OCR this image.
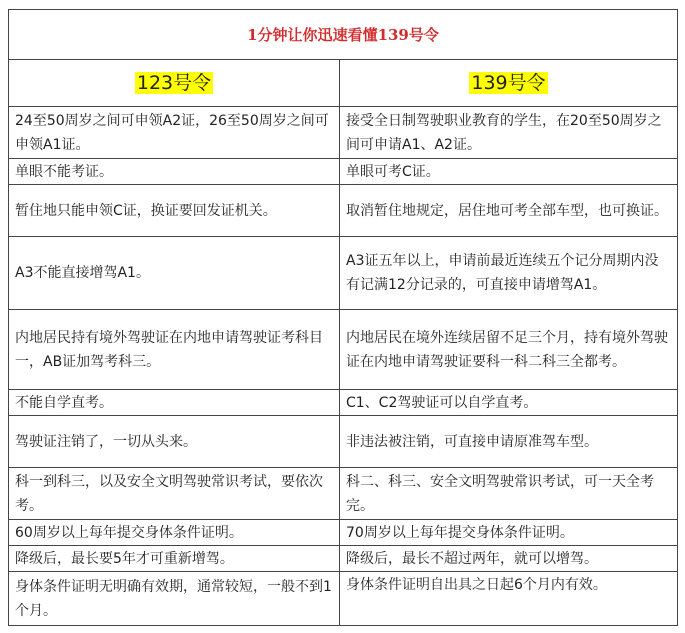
1分钟让你迅速看懂139号令	
123号令	139号令
24至50周岁之间可申领A2证，26至50周岁之间可申领A1证。	接受全日制驾驶职业教育的学生，在20至50周岁之间可申请A1、A2证。
单眼不能考证。	单眼可考C证。
暂住地只能申领C证，换证要回发证机关。	取消暂住地规定，居住地可考全部车型，也可换证。
A3不能直接增驾A1。	A3证五年以上，申请前最近连续五个记分周期内没有记满12分记录的，可直接申请增驾A1。
内地居民持有境外驾驶证在内地申请驾驶证考科目一，AB证加驾考科三。	内地居民在境外连续居留不足三个月，持有境外驾驶证在内地申请驾驶证要科一科二科三全都考。
不能自学直考。	C1、C2驾驶证可以自学直考。
驾驶证注销了，一切从头来。	非违法被注销，可直接申请原准驾车型。
科一到科三，以及安全文明驾驶常识考试，要依次考。	科二、科三、安全文明驾驶常识考试，可一天全考完。
60周岁以上每年提交身体条件证明。	70周岁以上每年提交身体条件证明。
降级后，最长要5年才可重新增驾。	降级后，最长不超过两年，就可以增驾。
身体条件证明无明确有效期，通常较短，一般不到1个月。	身体条件证明自出具之日起6个月内有效。
